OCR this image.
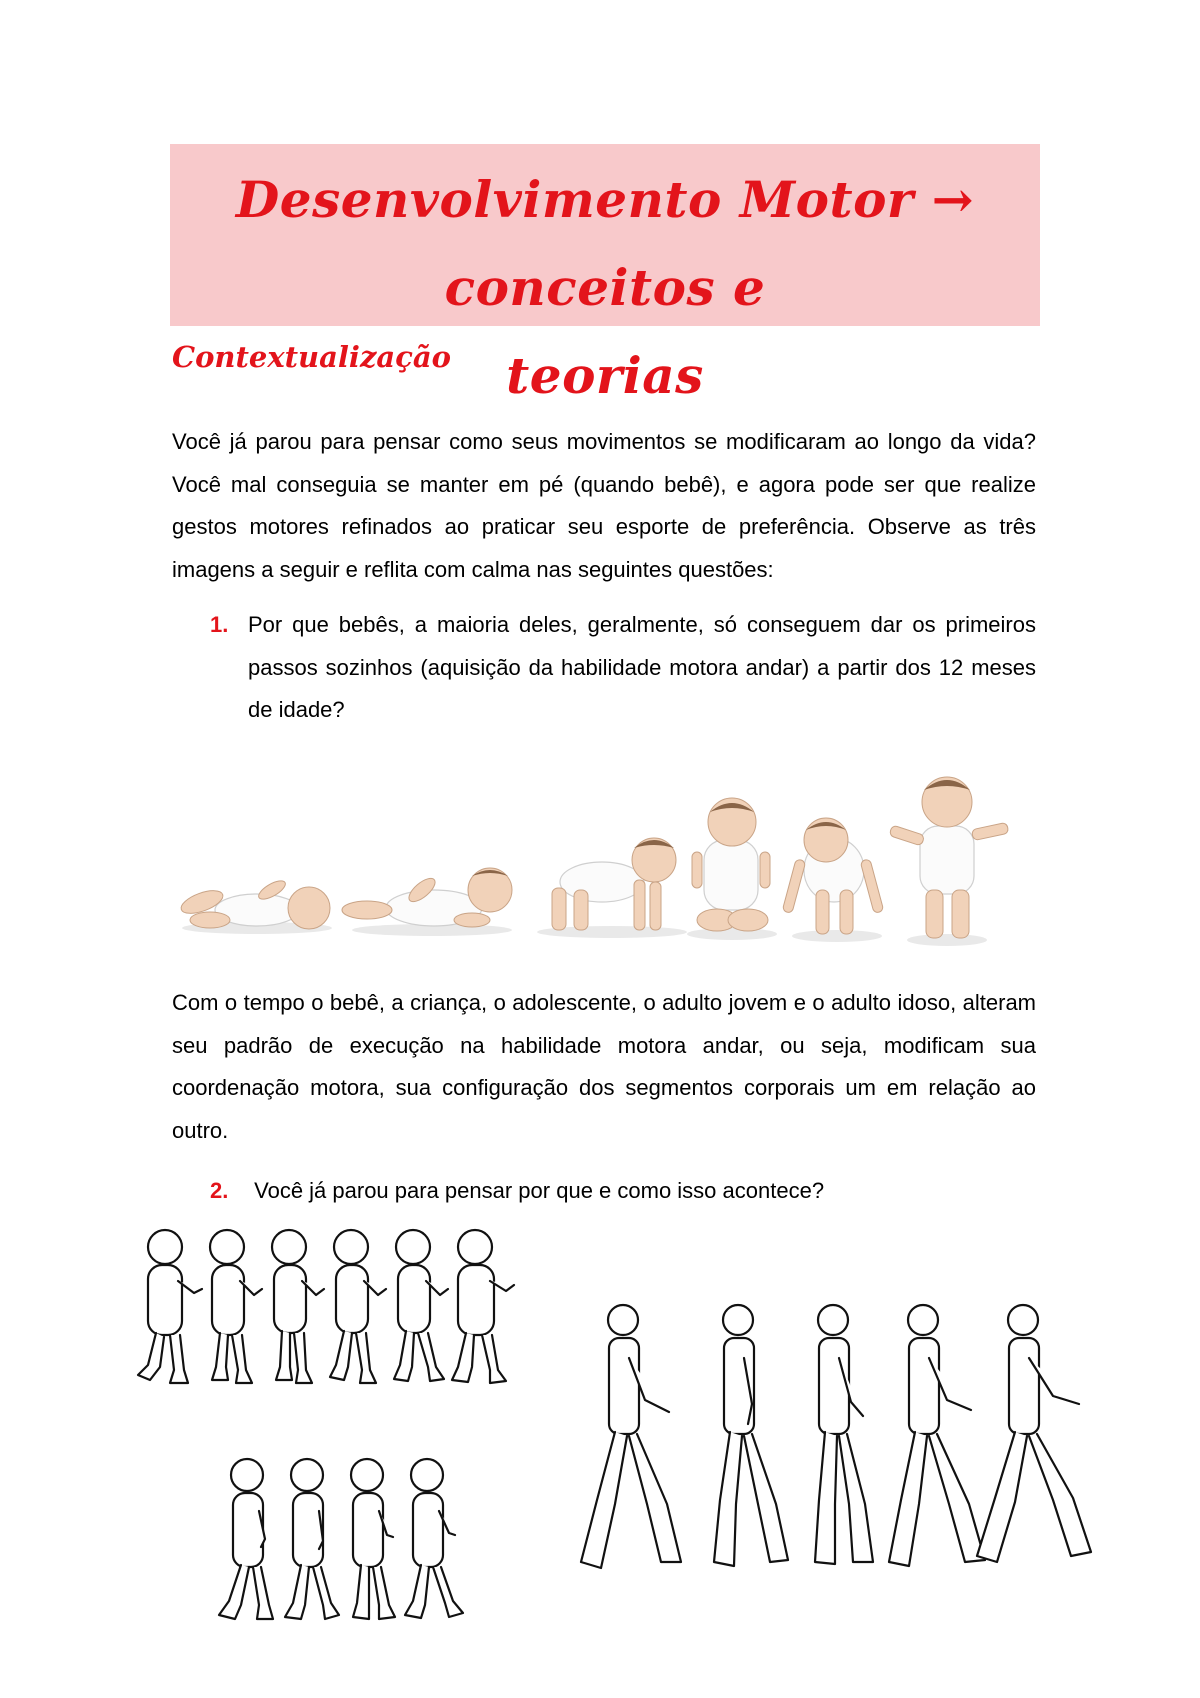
Desenvolvimento Motor → conceitos e
teorias
Contextualização
Você já parou para pensar como seus movimentos se modificaram ao longo da vida? Você mal conseguia se manter em pé (quando bebê), e agora pode ser que realize gestos motores refinados ao praticar seu esporte de preferência. Observe as três imagens a seguir e reflita com calma nas seguintes questões:
1. Por que bebês, a maioria deles, geralmente, só conseguem dar os primeiros passos sozinhos (aquisição da habilidade motora andar) a partir dos 12 meses de idade?
Com o tempo o bebê, a criança, o adolescente, o adulto jovem e o adulto idoso, alteram seu padrão de execução na habilidade motora andar, ou seja, modificam sua coordenação motora, sua configuração dos segmentos corporais um em relação ao outro.
2. Você já parou para pensar por que e como isso acontece?
